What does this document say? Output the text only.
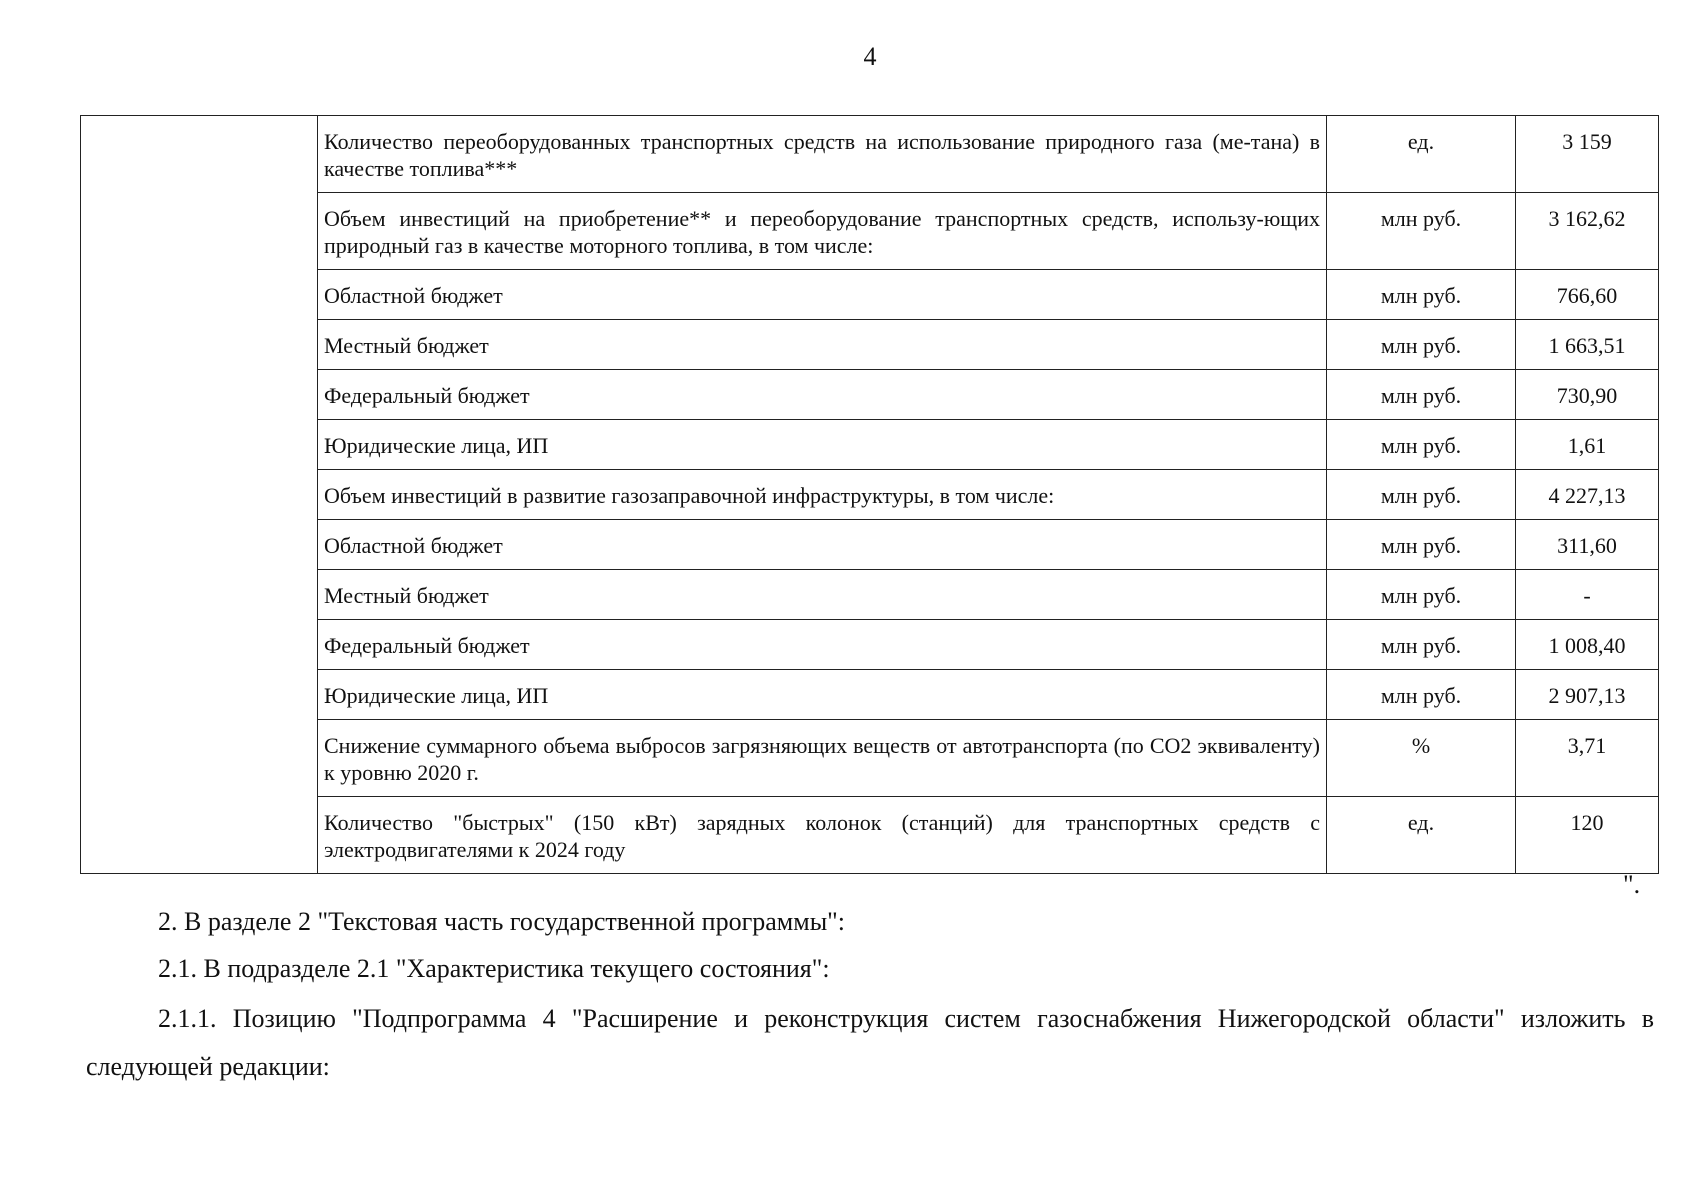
4

	Количество переоборудованных транспортных средств на использование природного газа (ме-тана) в качестве топлива***	ед.	3 159

	Объем инвестиций на приобретение** и переоборудование транспортных средств, использу-ющих природный газ в качестве моторного топлива, в том числе:	млн руб.	3 162,62

	Областной бюджет	млн руб.	766,60

	Местный бюджет	млн руб.	1 663,51

	Федеральный бюджет	млн руб.	730,90

	Юридические лица, ИП	млн руб.	1,61

	Объем инвестиций в развитие газозаправочной инфраструктуры, в том числе:	млн руб.	4 227,13

	Областной бюджет	млн руб.	311,60

	Местный бюджет	млн руб.	-

	Федеральный бюджет	млн руб.	1 008,40

	Юридические лица, ИП	млн руб.	2 907,13

	Снижение суммарного объема выбросов загрязняющих веществ от автотранспорта (по CO2 эквиваленту) к уровню 2020 г.	%	3,71

	Количество "быстрых" (150 кВт) зарядных колонок (станций) для транспортных средств с электродвигателями к 2024 году	ед.	120
".
2. В разделе 2 "Текстовая часть государственной программы":
2.1. В подразделе 2.1 "Характеристика текущего состояния":
2.1.1. Позицию "Подпрограмма 4 "Расширение и реконструкция систем газоснабжения Нижегородской области" изложить в следующей редакции:
